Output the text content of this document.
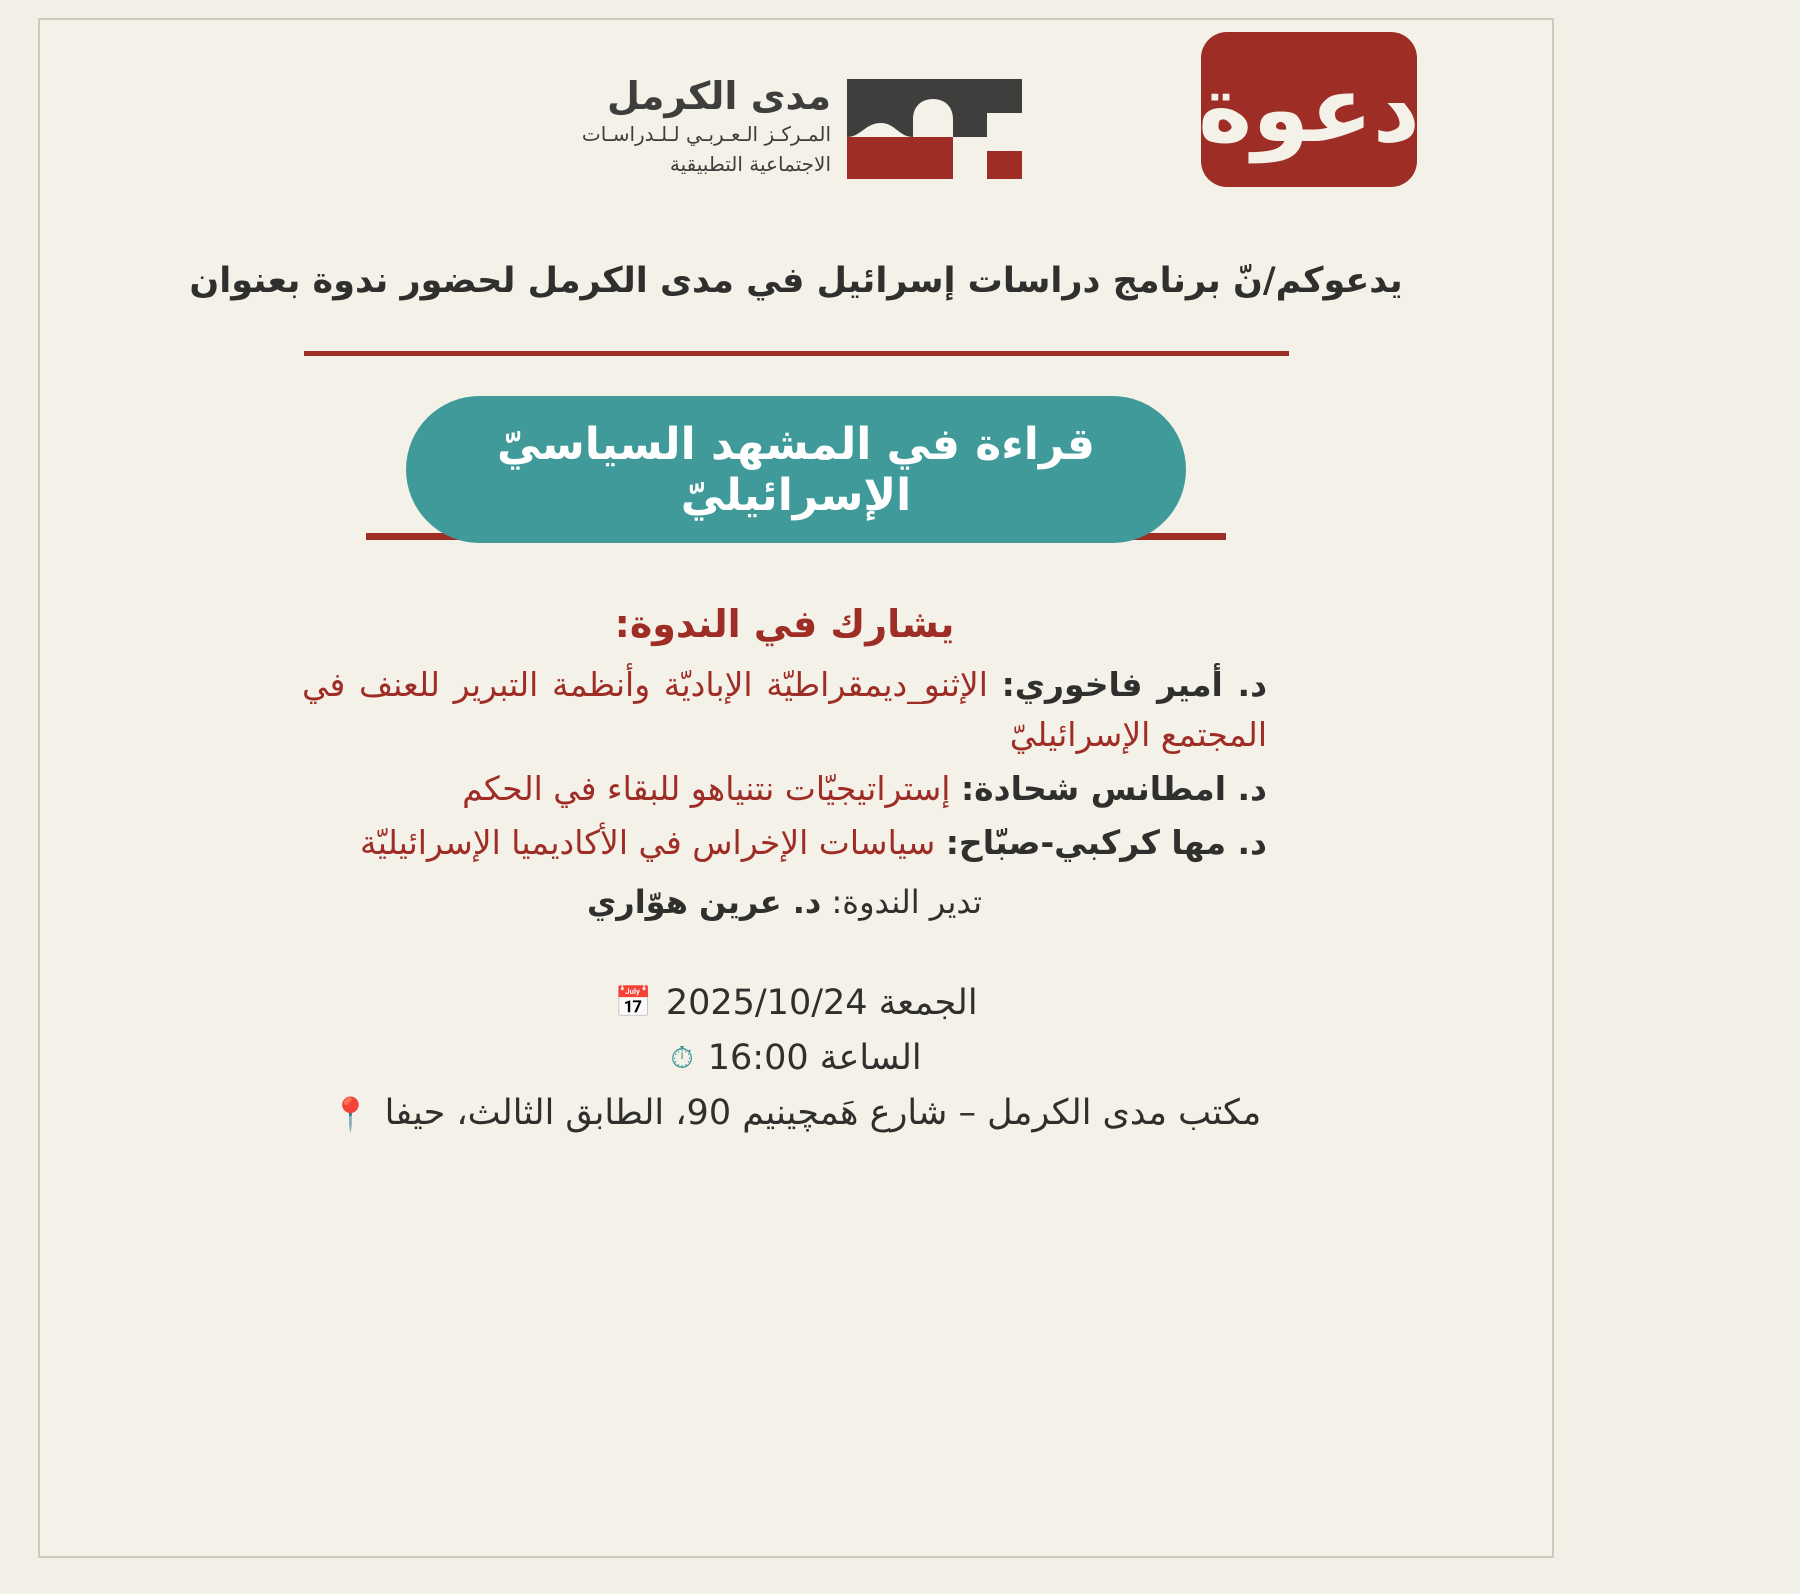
دعوة
مدى الكرمل
المـركـز الـعـربـي لـلـدراسـات
الاجتماعية التطبيقية
يدعوكم/نّ برنامج دراسات إسرائيل في مدى الكرمل لحضور ندوة بعنوان
قراءة في المشهد السياسيّ الإسرائيليّ
يشارك في الندوة:
د. أمير فاخوري: الإثنو_ديمقراطيّة الإباديّة وأنظمة التبرير للعنف في المجتمع الإسرائيليّ
د. امطانس شحادة: إستراتيجيّات نتنياهو للبقاء في الحكم
د. مها كركبي-صبّاح: سياسات الإخراس في الأكاديميا الإسرائيليّة
تدير الندوة: د. عرين هوّاري
الجمعة 2025/10/24
📅
الساعة 16:00
⏱
مكتب مدى الكرمل – شارع هَمچينيم 90، الطابق الثالث، حيفا
📍
